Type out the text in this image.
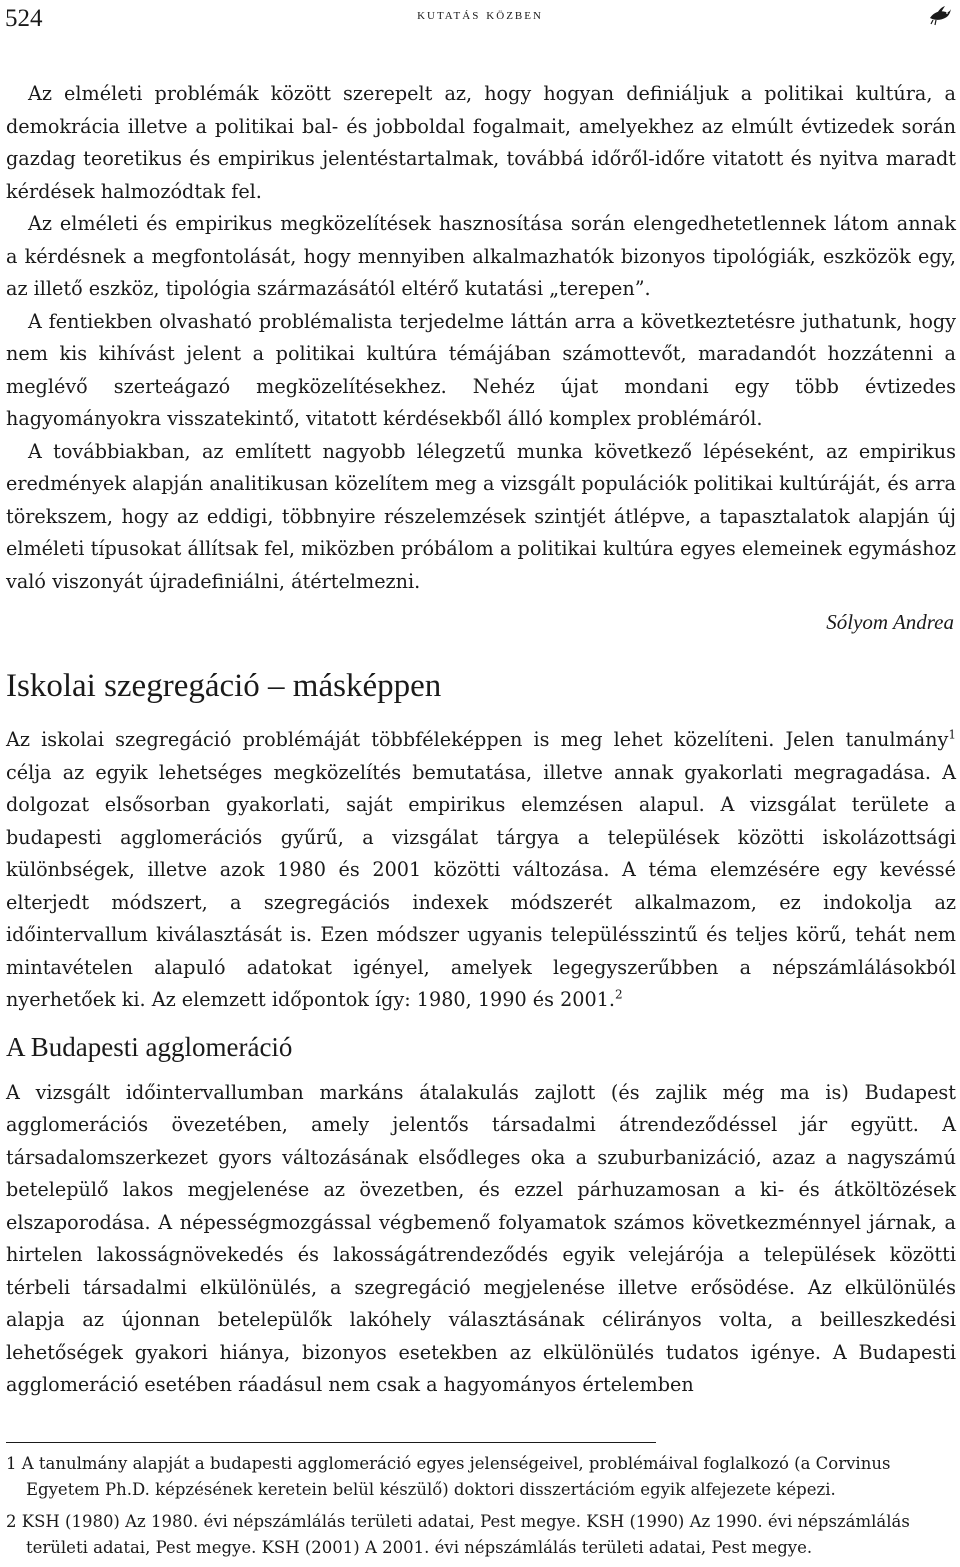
524	kutatás közben

Az elméleti problémák között szerepelt az, hogy hogyan definiáljuk a politikai kultúra, a demokrácia illetve a politikai bal- és jobboldal fogalmait, amelyekhez az elmúlt évtizedek során gazdag teoretikus és empirikus jelentéstartalmak, továbbá időről-időre vitatott és nyitva maradt kérdések halmozódtak fel.

Az elméleti és empirikus megközelítések hasznosítása során elengedhetetlennek látom annak a kérdésnek a megfontolását, hogy mennyiben alkalmazhatók bizonyos tipológiák, eszközök egy, az illető eszköz, tipológia származásától eltérő kutatási „terepen”.

A fentiekben olvasható problémalista terjedelme láttán arra a következtetésre juthatunk, hogy nem kis kihívást jelent a politikai kultúra témájában számottevőt, maradandót hozzátenni a meglévő szerteágazó megközelítésekhez. Nehéz újat mondani egy több évtizedes hagyományokra visszatekintő, vitatott kérdésekből álló komplex problémáról.

A továbbiakban, az említett nagyobb lélegzetű munka következő lépéseként, az empirikus eredmények alapján analitikusan közelítem meg a vizsgált populációk politikai kultúráját, és arra törekszem, hogy az eddigi, többnyire részelemzések szintjét átlépve, a tapasztalatok alapján új elméleti típusokat állítsak fel, miközben próbálom a politikai kultúra egyes elemeinek egymáshoz való viszonyát újradefiniálni, átértelmezni.

Sólyom Andrea
Iskolai szegregáció – másképpen

Az iskolai szegregáció problémáját többféleképpen is meg lehet közelíteni. Jelen tanulmány$^1$ célja az egyik lehetséges megközelítés bemutatása, illetve annak gyakorlati megragadása. A dolgozat elsősorban gyakorlati, saját empirikus elemzésen alapul. A vizsgálat területe a budapesti agglomerációs gyűrű, a vizsgálat tárgya a települések közötti iskolázottsági különbségek, illetve azok 1980 és 2001 közötti változása. A téma elemzésére egy kevéssé elterjedt módszert, a szegregációs indexek módszerét alkalmazom, ez indokolja az időintervallum kiválasztását is. Ezen módszer ugyanis településszintű és teljes körű, tehát nem mintavételen alapuló adatokat igényel, amelyek legegyszerűbben a népszámlálásokból nyerhetőek ki. Az elemzett időpontok így: 1980, 1990 és 2001.$^2$

A Budapesti agglomeráció

A vizsgált időintervallumban markáns átalakulás zajlott (és zajlik még ma is) Budapest agglomerációs övezetében, amely jelentős társadalmi átrendeződéssel jár együtt. A társadalomszerkezet gyors változásának elsődleges oka a szuburbanizáció, azaz a nagyszámú betelepülő lakos megjelenése az övezetben, és ezzel párhuzamosan a ki- és átköltözések elszaporodása. A népességmozgással végbemenő folyamatok számos következménnyel járnak, a hirtelen lakosságnövekedés és lakosságátrendeződés egyik velejárója a települések közötti térbeli társadalmi elkülönülés, a szegregáció megjelenése illetve erősödése. Az elkülönülés alapja az újonnan betelepülők lakóhely választásának célirányos volta, a beilleszkedési lehetőségek gyakori hiánya, bizonyos esetekben az elkülönülés tudatos igénye. A Budapesti agglomeráció esetében ráadásul nem csak a hagyományos értelemben

1 A tanulmány alapját a budapesti agglomeráció egyes jelenségeivel, problémáival foglalkozó (a Corvinus Egyetem Ph.D. képzésének keretein belül készülő) doktori disszertációm egyik alfejezete képezi.
2 KSH (1980) Az 1980. évi népszámlálás területi adatai, Pest megye. KSH (1990) Az 1990. évi népszámlálás területi adatai, Pest megye. KSH (2001) A 2001. évi népszámlálás területi adatai, Pest megye.
